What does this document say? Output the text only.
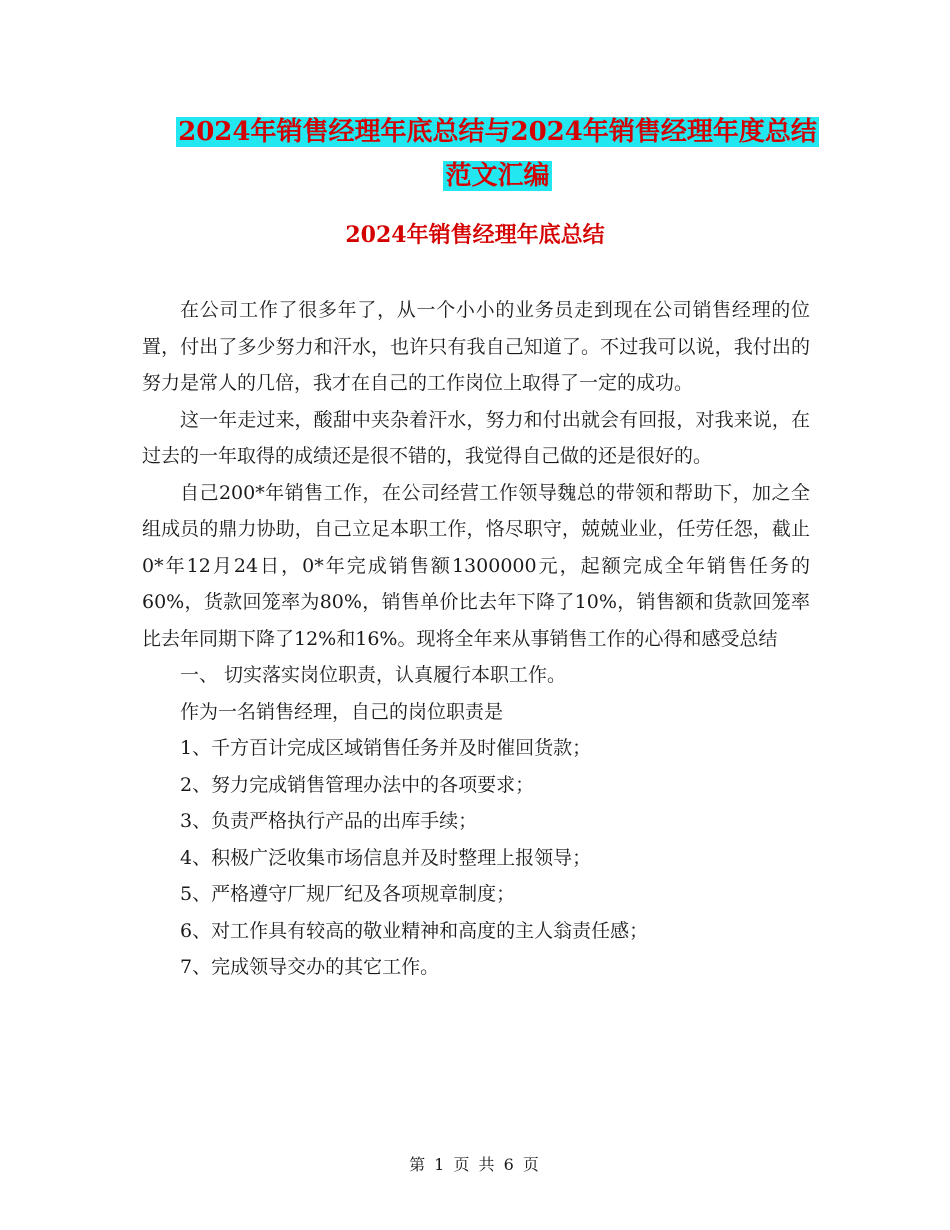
2024年销售经理年底总结与2024年销售经理年度总结
范文汇编
2024年销售经理年底总结

在公司工作了很多年了，从一个小小的业务员走到现在公司销售经理的位置，付出了多少努力和汗水，也许只有我自己知道了。不过我可以说，我付出的努力是常人的几倍，我才在自己的工作岗位上取得了一定的成功。

这一年走过来，酸甜中夹杂着汗水，努力和付出就会有回报，对我来说，在过去的一年取得的成绩还是很不错的，我觉得自己做的还是很好的。

自己200*年销售工作，在公司经营工作领导魏总的带领和帮助下，加之全组成员的鼎力协助，自己立足本职工作，恪尽职守，兢兢业业，任劳任怨，截止0*年12月24日，0*年完成销售额1300000元，起额完成全年销售任务的60%，货款回笼率为80%，销售单价比去年下降了10%，销售额和货款回笼率比去年同期下降了12%和16%。现将全年来从事销售工作的心得和感受总结

一、 切实落实岗位职责，认真履行本职工作。

作为一名销售经理，自己的岗位职责是

1、千方百计完成区域销售任务并及时催回货款；

2、努力完成销售管理办法中的各项要求；

3、负责严格执行产品的出库手续；

4、积极广泛收集市场信息并及时整理上报领导；

5、严格遵守厂规厂纪及各项规章制度；

6、对工作具有较高的敬业精神和高度的主人翁责任感；

7、完成领导交办的其它工作。

第 1 页 共 6 页
